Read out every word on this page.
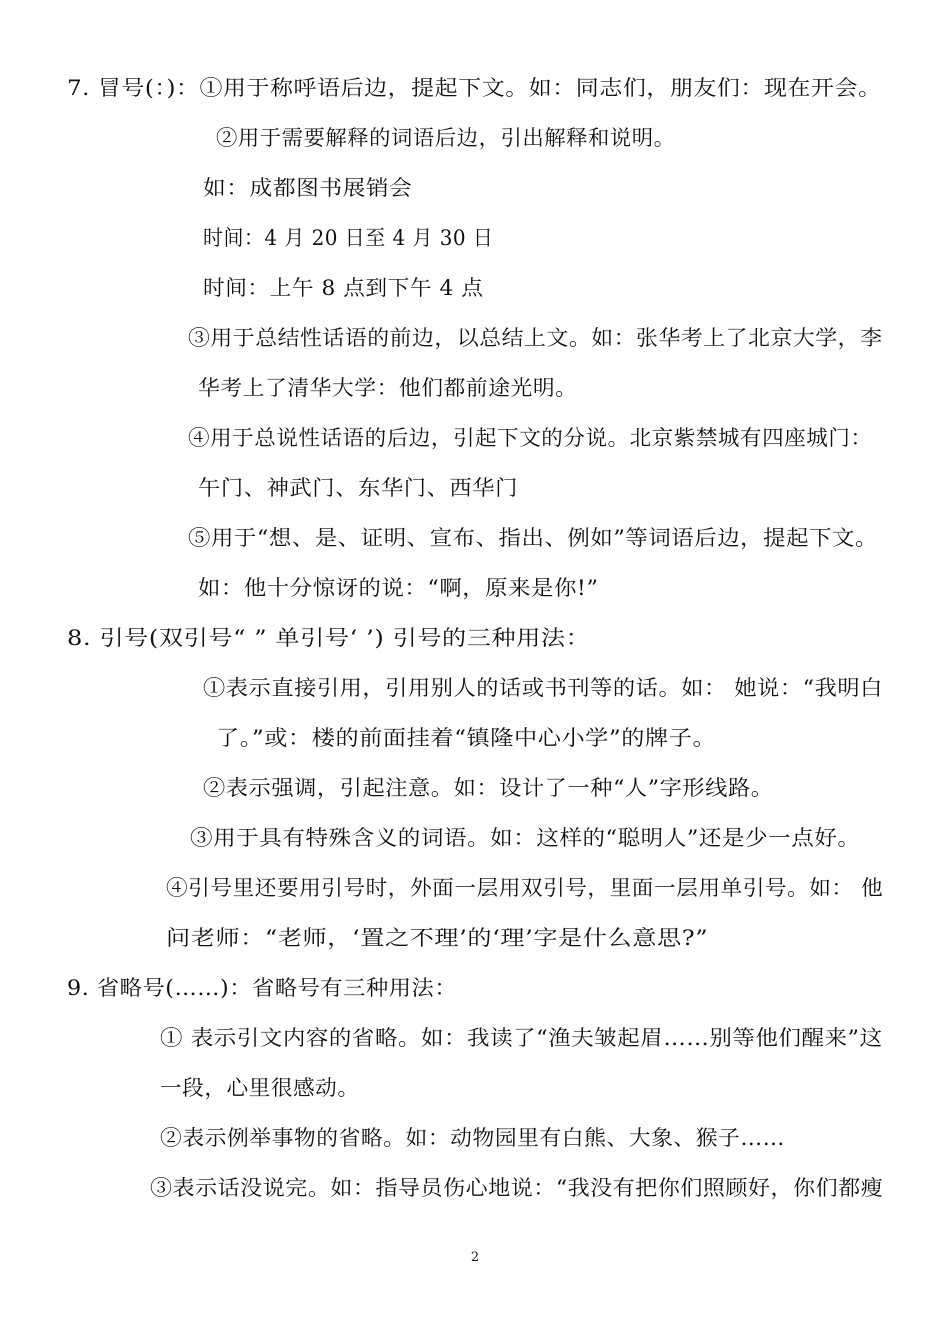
7. 冒号(：)：①用于称呼语后边，提起下文。如：同志们，朋友们：现在开会。
②用于需要解释的词语后边，引出解释和说明。
如：成都图书展销会
时间：4 月 20 日至 4 月 30 日
时间：上午 8 点到下午 4 点
③用于总结性话语的前边，以总结上文。如：张华考上了北京大学，李
华考上了清华大学：他们都前途光明。
④用于总说性话语的后边，引起下文的分说。北京紫禁城有四座城门：
午门、神武门、东华门、西华门
⑤用于“想、是、证明、宣布、指出、例如”等词语后边，提起下文。
如：他十分惊讶的说：“啊，原来是你!”
8. 引号(双引号“ ” 单引号‘ ’) 引号的三种用法：
①表示直接引用，引用别人的话或书刊等的话。如： 她说：“我明白
了。”或：楼的前面挂着“镇隆中心小学”的牌子。
②表示强调，引起注意。如：设计了一种“人”字形线路。
③用于具有特殊含义的词语。如：这样的“聪明人”还是少一点好。
④引号里还要用引号时，外面一层用双引号，里面一层用单引号。如： 他
问老师：“老师，‘置之不理’的‘理’字是什么意思?”
9. 省略号(……)：省略号有三种用法：
① 表示引文内容的省略。如：我读了“渔夫皱起眉……别等他们醒来”这
一段，心里很感动。
②表示例举事物的省略。如：动物园里有白熊、大象、猴子……
③表示话没说完。如：指导员伤心地说：“我没有把你们照顾好，你们都瘦
2
